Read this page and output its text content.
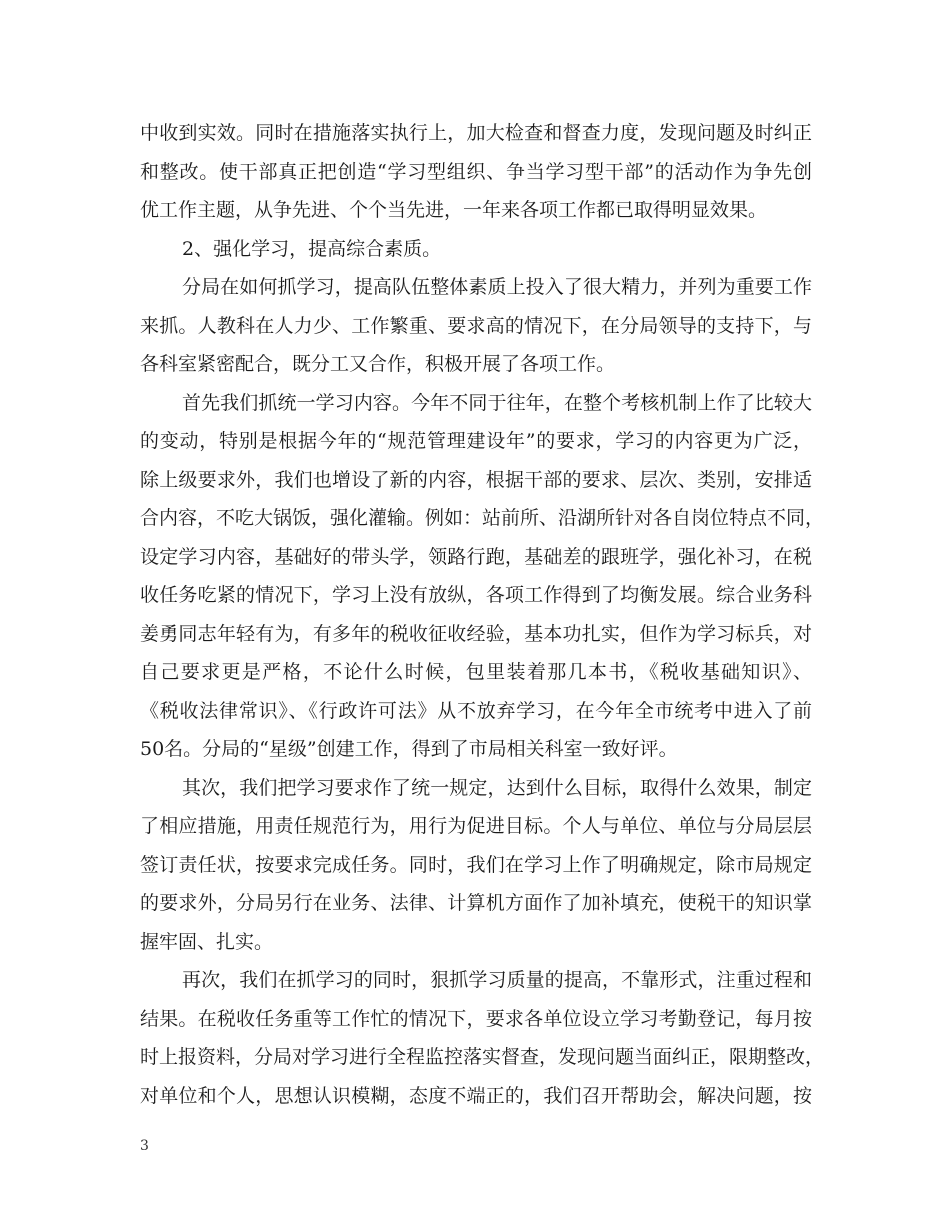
中收到实效。同时在措施落实执行上，加大检查和督查力度，发现问题及时纠正
和整改。使干部真正把创造“学习型组织、争当学习型干部”的活动作为争先创
优工作主题，从争先进、个个当先进，一年来各项工作都已取得明显效果。
2、强化学习，提高综合素质。
分局在如何抓学习，提高队伍整体素质上投入了很大精力，并列为重要工作
来抓。人教科在人力少、工作繁重、要求高的情况下，在分局领导的支持下，与
各科室紧密配合，既分工又合作，积极开展了各项工作。
首先我们抓统一学习内容。今年不同于往年，在整个考核机制上作了比较大
的变动，特别是根据今年的“规范管理建设年”的要求，学习的内容更为广泛，
除上级要求外，我们也增设了新的内容，根据干部的要求、层次、类别，安排适
合内容，不吃大锅饭，强化灌输。例如：站前所、沿湖所针对各自岗位特点不同，
设定学习内容，基础好的带头学，领路行跑，基础差的跟班学，强化补习，在税
收任务吃紧的情况下，学习上没有放纵，各项工作得到了均衡发展。综合业务科
姜勇同志年轻有为，有多年的税收征收经验，基本功扎实，但作为学习标兵，对
自己要求更是严格，不论什么时候，包里装着那几本书，《税收基础知识》、
《税收法律常识》、《行政许可法》从不放弃学习，在今年全市统考中进入了前
50名。分局的“星级”创建工作，得到了市局相关科室一致好评。
其次，我们把学习要求作了统一规定，达到什么目标，取得什么效果，制定
了相应措施，用责任规范行为，用行为促进目标。个人与单位、单位与分局层层
签订责任状，按要求完成任务。同时，我们在学习上作了明确规定，除市局规定
的要求外，分局另行在业务、法律、计算机方面作了加补填充，使税干的知识掌
握牢固、扎实。
再次，我们在抓学习的同时，狠抓学习质量的提高，不靠形式，注重过程和
结果。在税收任务重等工作忙的情况下，要求各单位设立学习考勤登记，每月按
时上报资料，分局对学习进行全程监控落实督查，发现问题当面纠正，限期整改，
对单位和个人，思想认识模糊，态度不端正的，我们召开帮助会，解决问题，按
3
